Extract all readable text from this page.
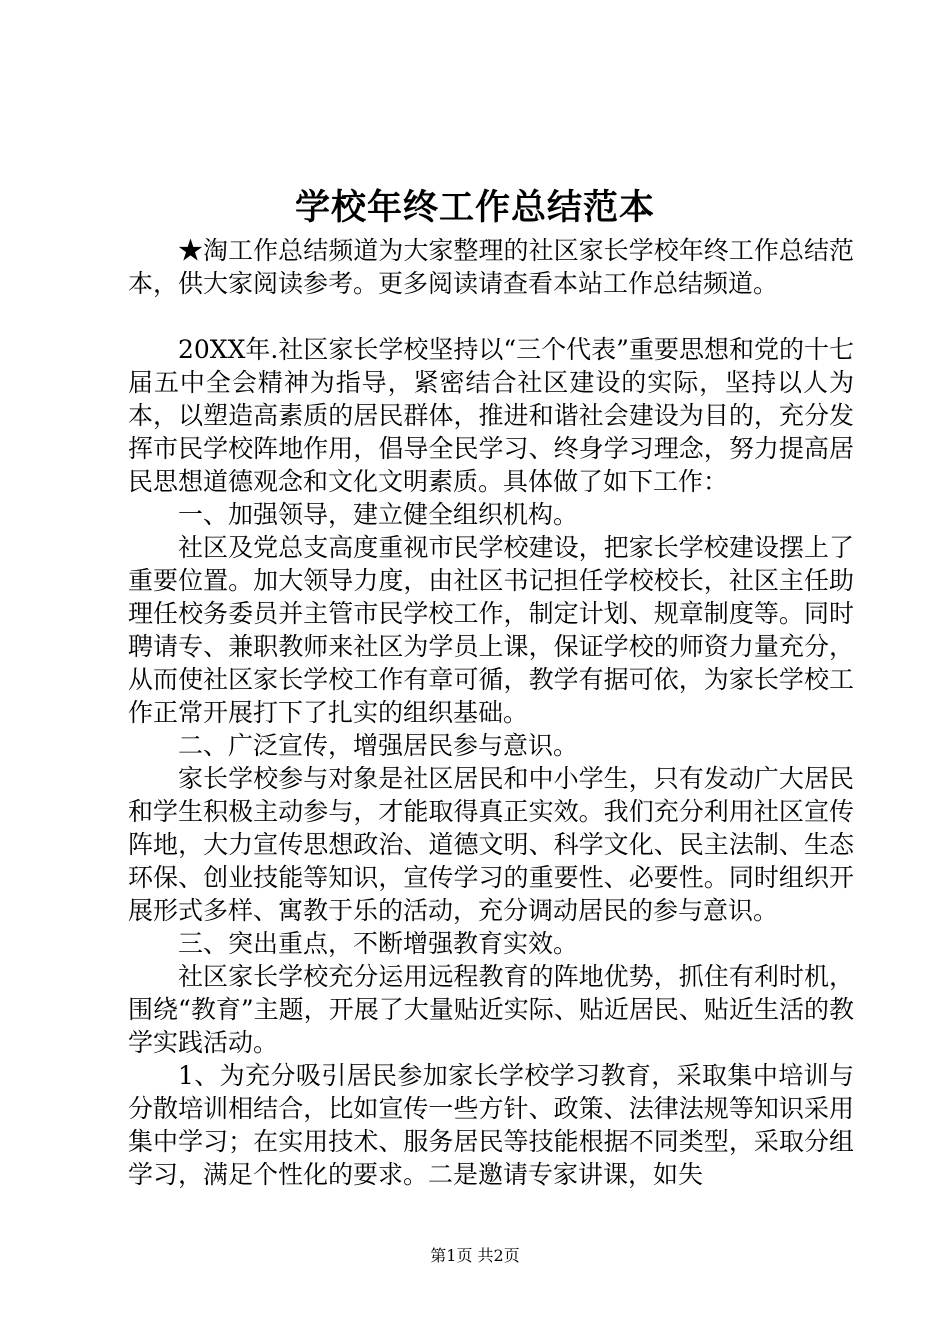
学校年终工作总结范本

★淘工作总结频道为大家整理的社区家长学校年终工作总结范本，供大家阅读参考。更多阅读请查看本站工作总结频道。

20XX年.社区家长学校坚持以“三个代表”重要思想和党的十七届五中全会精神为指导，紧密结合社区建设的实际，坚持以人为本，以塑造高素质的居民群体，推进和谐社会建设为目的，充分发挥市民学校阵地作用，倡导全民学习、终身学习理念，努力提高居民思想道德观念和文化文明素质。具体做了如下工作：

一、加强领导，建立健全组织机构。

社区及党总支高度重视市民学校建设，把家长学校建设摆上了重要位置。加大领导力度，由社区书记担任学校校长，社区主任助理任校务委员并主管市民学校工作，制定计划、规章制度等。同时聘请专、兼职教师来社区为学员上课，保证学校的师资力量充分，从而使社区家长学校工作有章可循，教学有据可依，为家长学校工作正常开展打下了扎实的组织基础。

二、广泛宣传，增强居民参与意识。

家长学校参与对象是社区居民和中小学生，只有发动广大居民和学生积极主动参与，才能取得真正实效。我们充分利用社区宣传阵地，大力宣传思想政治、道德文明、科学文化、民主法制、生态环保、创业技能等知识，宣传学习的重要性、必要性。同时组织开展形式多样、寓教于乐的活动，充分调动居民的参与意识。

三、突出重点，不断增强教育实效。

社区家长学校充分运用远程教育的阵地优势，抓住有利时机，围绕“教育”主题，开展了大量贴近实际、贴近居民、贴近生活的教学实践活动。

1、为充分吸引居民参加家长学校学习教育，采取集中培训与分散培训相结合，比如宣传一些方针、政策、法律法规等知识采用集中学习；在实用技术、服务居民等技能根据不同类型，采取分组学习，满足个性化的要求。二是邀请专家讲课，如失

第1页 共2页
